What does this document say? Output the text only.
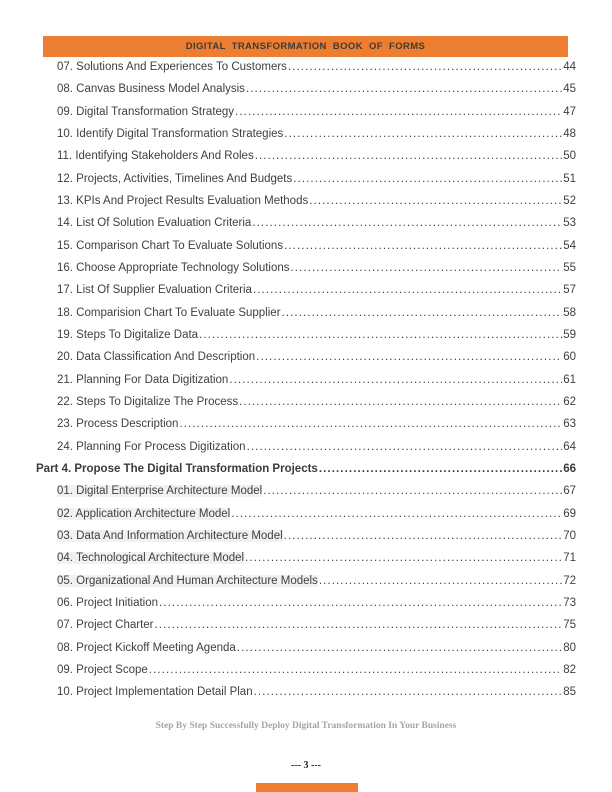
DIGITAL TRANSFORMATION BOOK OF FORMS
07. Solutions And Experiences To Customers .....	44
08. Canvas Business Model Analysis .....	45
09. Digital Transformation Strategy .....	47
10. Identify Digital Transformation Strategies .....	48
11. Identifying Stakeholders And Roles .....	50
12. Projects, Activities, Timelines And Budgets .....	51
13. KPIs And Project Results Evaluation Methods .....	52
14. List Of Solution Evaluation Criteria .....	53
15. Comparison Chart To Evaluate Solutions .....	54
16. Choose Appropriate Technology Solutions .....	55
17. List Of Supplier Evaluation Criteria .....	57
18. Comparision Chart To Evaluate Supplier .....	58
19. Steps To Digitalize Data .....	59
20. Data Classification And Description .....	60
21. Planning For Data Digitization .....	61
22. Steps To Digitalize The Process .....	62
23. Process Description .....	63
24. Planning For Process Digitization .....	64
Part 4. Propose The Digital Transformation Projects .....	66
01. Digital Enterprise Architecture Model .....	67
02. Application Architecture Model .....	69
03. Data And Information Architecture Model .....	70
04. Technological Architecture Model .....	71
05. Organizational And Human Architecture Models .....	72
06. Project Initiation .....	73
07. Project Charter .....	75
08. Project Kickoff Meeting Agenda .....	80
09. Project Scope .....	82
10. Project Implementation Detail Plan .....	85
Step By Step Successfully Deploy Digital Transformation In Your Business
--- 3 ---
